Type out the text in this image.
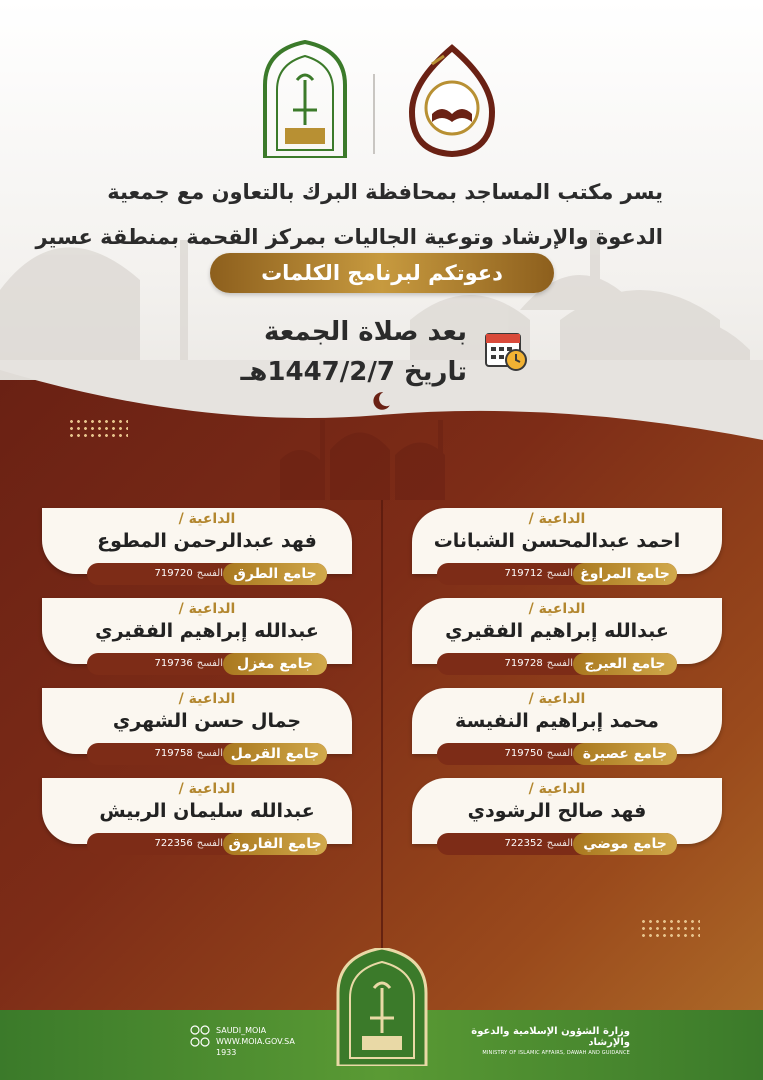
يسر مكتب المساجد بمحافظة البرك بالتعاون مع جمعية
الدعوة والإرشاد وتوعية الجاليات بمركز القحمة بمنطقة عسير
دعوتكم لبرنامج الكلمات
بعد صلاة الجمعة
تاريخ 1447/2/7هـ
الداعية /
احمد عبدالمحسن الشبانات
جامع المراوغ
الفسح719712
الداعية /
فهد عبدالرحمن المطوع
جامع الطرق
الفسح719720
الداعية /
عبدالله إبراهيم الفقيري
جامع العيرج
الفسح719728
الداعية /
عبدالله إبراهيم الفقيري
جامع مغزل
الفسح719736
الداعية /
محمد إبراهيم النفيسة
جامع عصيرة
الفسح719750
الداعية /
جمال حسن الشهري
جامع القرمل
الفسح719758
الداعية /
فهد صالح الرشودي
جامع موضي
الفسح722352
الداعية /
عبدالله سليمان الربيش
جامع الفاروق
الفسح722356
SAUDI_MOIA
WWW.MOIA.GOV.SA
1933
وزارة الشؤون الإسلامية والدعوة والإرشاد
MINISTRY OF ISLAMIC AFFAIRS, DAWAH AND GUIDANCE
